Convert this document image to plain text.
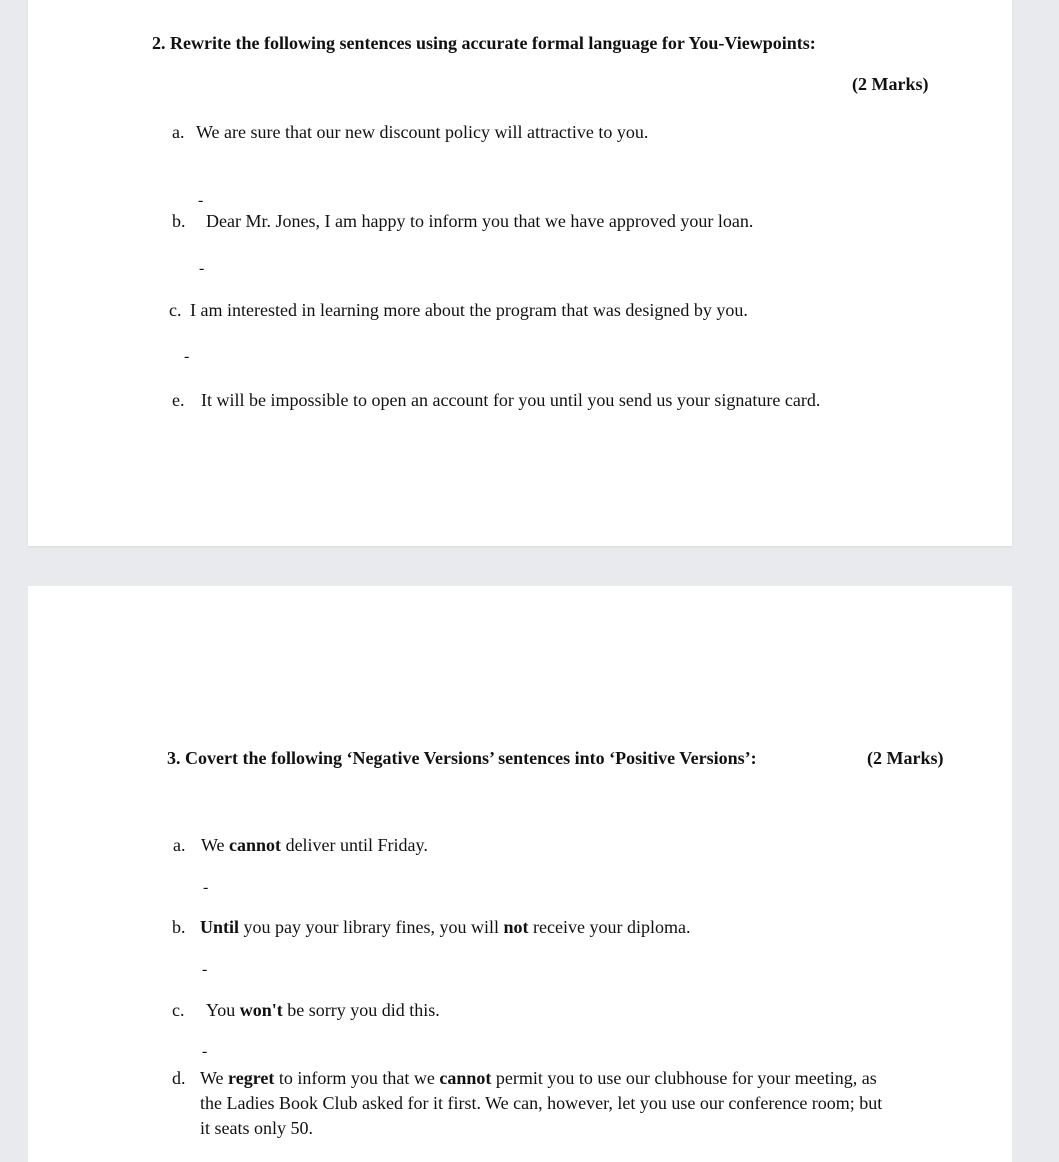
2. Rewrite the following sentences using accurate formal language for You-Viewpoints:
(2 Marks)
a. We are sure that our new discount policy will attractive to you.
-
b. Dear Mr. Jones, I am happy to inform you that we have approved your loan.
-
c. I am interested in learning more about the program that was designed by you.
-
e. It will be impossible to open an account for you until you send us your signature card.
3. Covert the following ‘Negative Versions’ sentences into ‘Positive Versions’:	(2 Marks)
a. We cannot deliver until Friday.
-
b. Until you pay your library fines, you will not receive your diploma.
-
c. You won't be sorry you did this.
-
d. We regret to inform you that we cannot permit you to use our clubhouse for your meeting, as
the Ladies Book Club asked for it first. We can, however, let you use our conference room; but
it seats only 50.
